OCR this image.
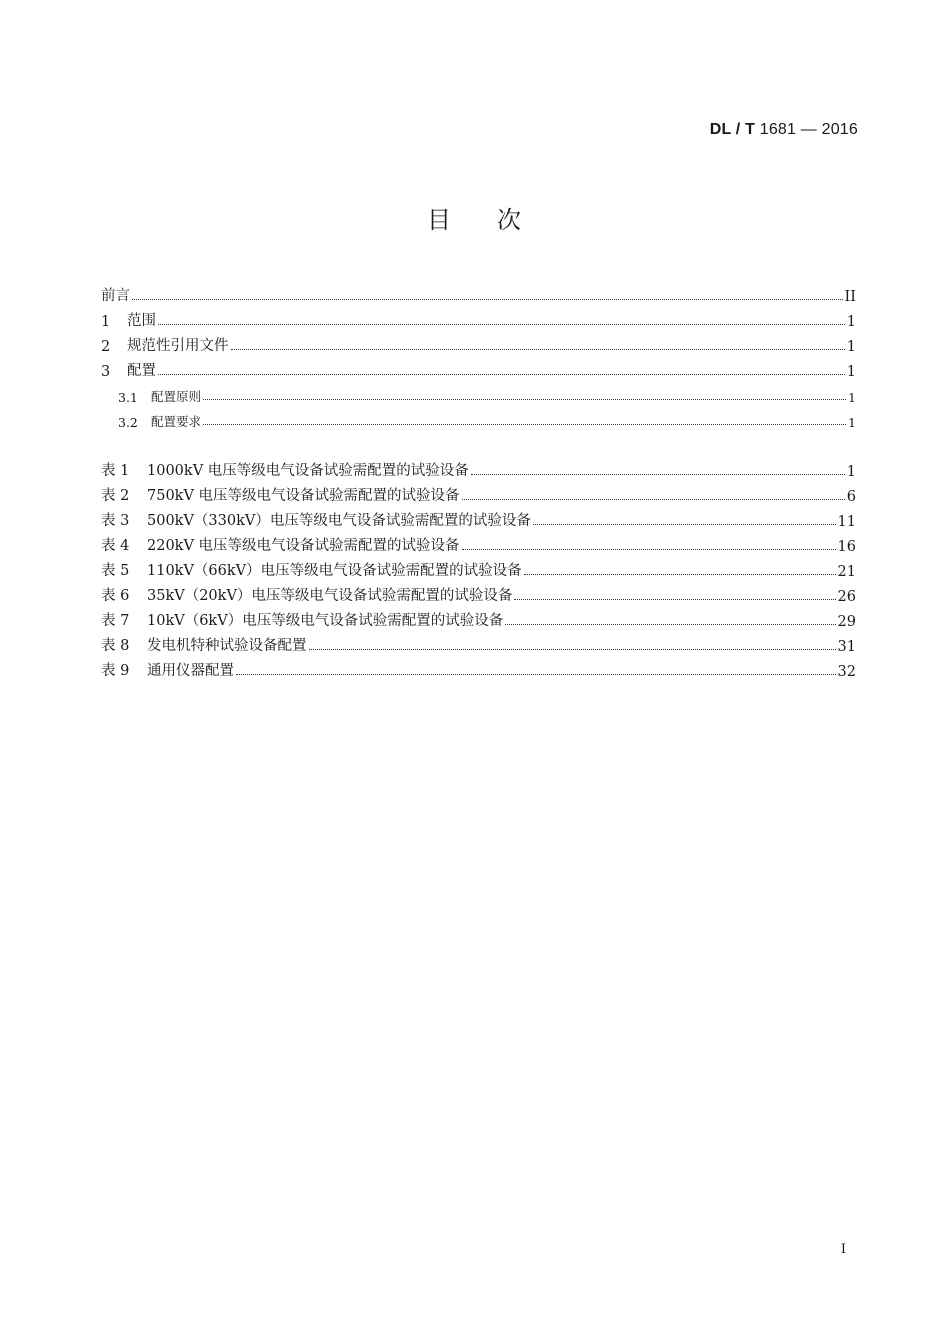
DL / T 1681 — 2016
目 次
前言	II
1	范围	1
2	规范性引用文件	1
3	配置	1
3.1	配置原则	1
3.2	配置要求	1
表 1	1000kV 电压等级电气设备试验需配置的试验设备	1
表 2	750kV 电压等级电气设备试验需配置的试验设备	6
表 3	500kV（330kV）电压等级电气设备试验需配置的试验设备	11
表 4	220kV 电压等级电气设备试验需配置的试验设备	16
表 5	110kV（66kV）电压等级电气设备试验需配置的试验设备	21
表 6	35kV（20kV）电压等级电气设备试验需配置的试验设备	26
表 7	10kV（6kV）电压等级电气设备试验需配置的试验设备	29
表 8	发电机特种试验设备配置	31
表 9	通用仪器配置	32
I
